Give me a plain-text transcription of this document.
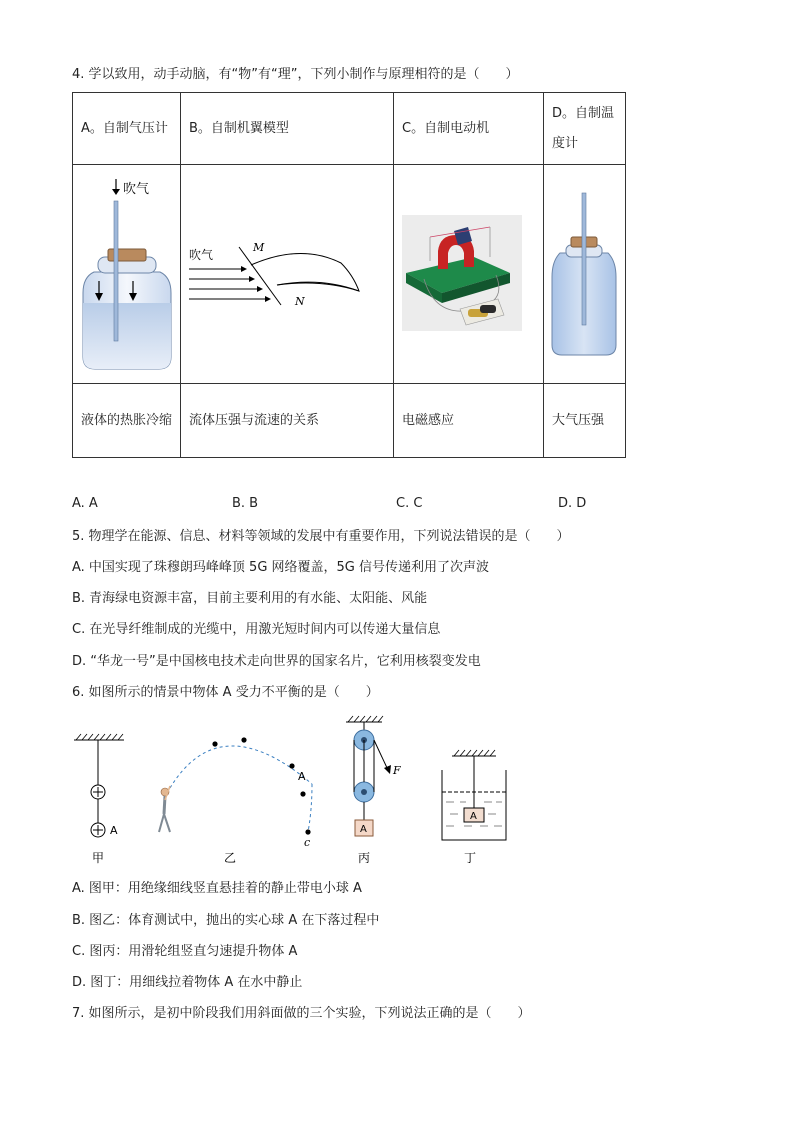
4. 学以致用，动手动脑，有“物”有“理”，下列小制作与原理相符的是（　　）
A。自制气压计	B。自制机翼模型	C。自制电动机	D。自制温度计

吹气	吹气
M
N

液体的热胀冷缩	流体压强与流速的关系	电磁感应	大气压强
A. A	B. B	C. C	D. D
5. 物理学在能源、信息、材料等领域的发展中有重要作用，下列说法错误的是（　　）
A. 中国实现了珠穆朗玛峰峰顶 5G 网络覆盖，5G 信号传递利用了次声波
B. 青海绿电资源丰富，目前主要利用的有水能、太阳能、风能
C. 在光导纤维制成的光缆中，用激光短时间内可以传递大量信息
D. “华龙一号”是中国核电技术走向世界的国家名片，它利用核裂变发电
6. 如图所示的情景中物体 A 受力不平衡的是（　　）
A
A
c
F
A
A
甲	乙	丙	丁
A. 图甲：用绝缘细线竖直悬挂着的静止带电小球 A
B. 图乙：体育测试中，抛出的实心球 A 在下落过程中
C. 图丙：用滑轮组竖直匀速提升物体 A
D. 图丁：用细线拉着物体 A 在水中静止
7. 如图所示，是初中阶段我们用斜面做的三个实验，下列说法正确的是（　　）
